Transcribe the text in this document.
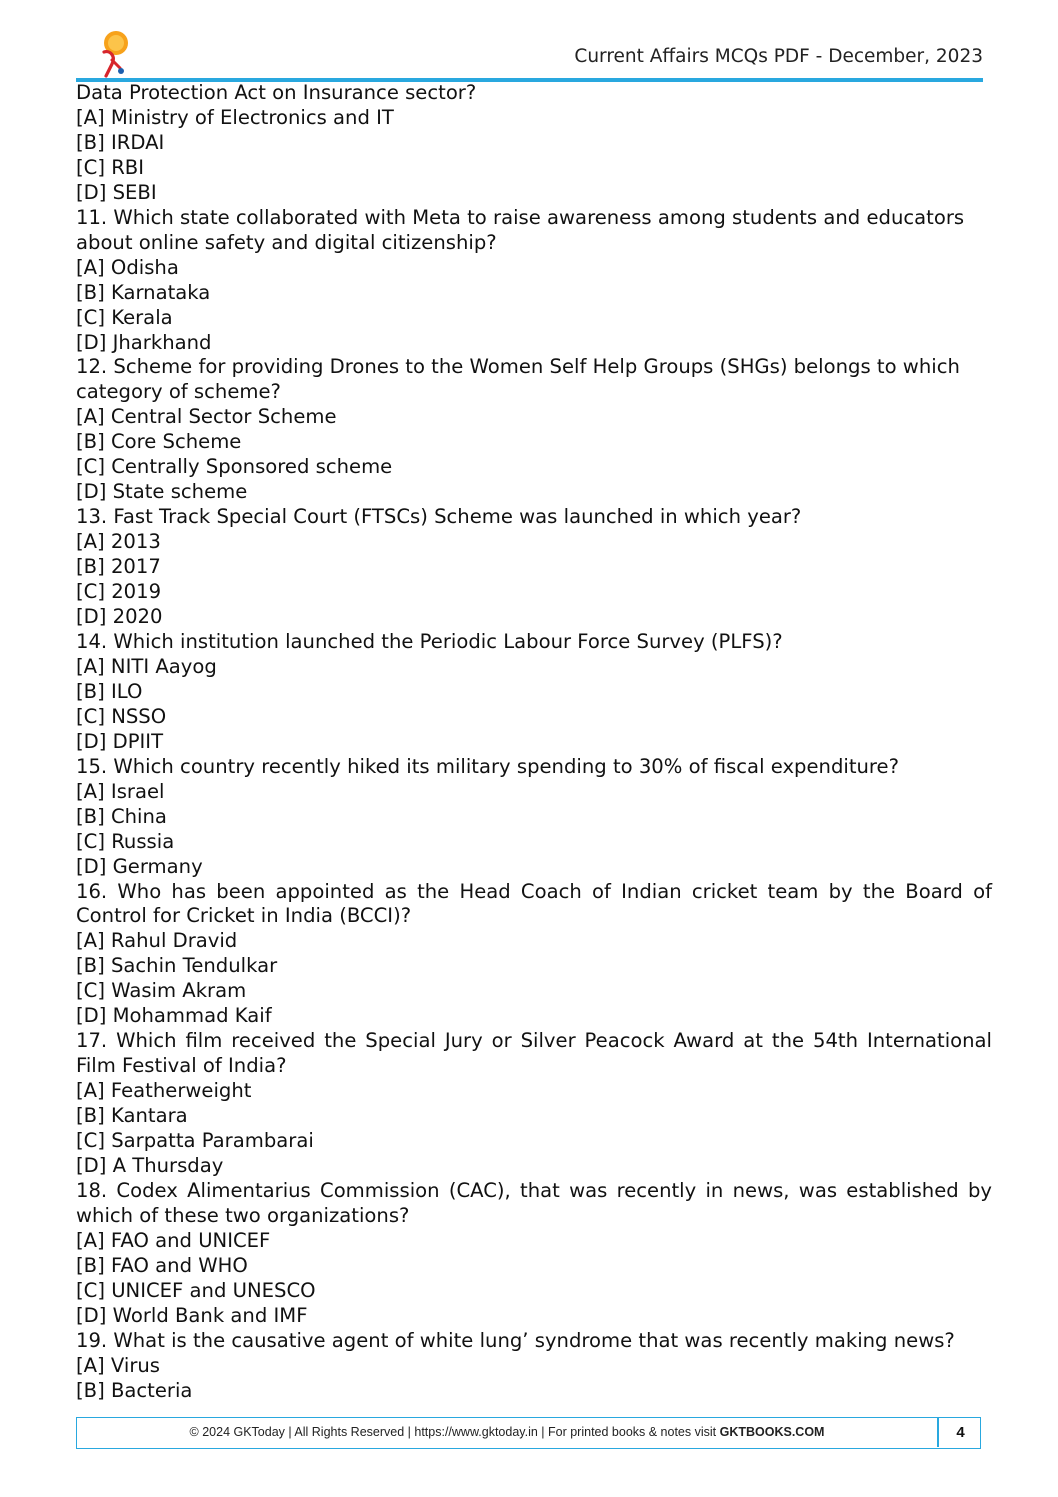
Current Affairs MCQs PDF - December, 2023
Data Protection Act on Insurance sector?
[A] Ministry of Electronics and IT
[B] IRDAI
[C] RBI
[D] SEBI
11. Which state collaborated with Meta to raise awareness among students and educators about online safety and digital citizenship?
[A] Odisha
[B] Karnataka
[C] Kerala
[D] Jharkhand
12. Scheme for providing Drones to the Women Self Help Groups (SHGs) belongs to which category of scheme?
[A] Central Sector Scheme
[B] Core Scheme
[C] Centrally Sponsored scheme
[D] State scheme
13. Fast Track Special Court (FTSCs) Scheme was launched in which year?
[A] 2013
[B] 2017
[C] 2019
[D] 2020
14. Which institution launched the Periodic Labour Force Survey (PLFS)?
[A] NITI Aayog
[B] ILO
[C] NSSO
[D] DPIIT
15. Which country recently hiked its military spending to 30% of fiscal expenditure?
[A] Israel
[B] China
[C] Russia
[D] Germany
16. Who has been appointed as the Head Coach of Indian cricket team by the Board of Control for Cricket in India (BCCI)?
[A] Rahul Dravid
[B] Sachin Tendulkar
[C] Wasim Akram
[D] Mohammad Kaif
17. Which film received the Special Jury or Silver Peacock Award at the 54th International Film Festival of India?
[A] Featherweight
[B] Kantara
[C] Sarpatta Parambarai
[D] A Thursday
18. Codex Alimentarius Commission (CAC), that was recently in news, was established by which of these two organizations?
[A] FAO and UNICEF
[B] FAO and WHO
[C] UNICEF and UNESCO
[D] World Bank and IMF
19. What is the causative agent of white lung’ syndrome that was recently making news?
[A] Virus
[B] Bacteria
© 2024 GKToday | All Rights Reserved | https://www.gktoday.in | For printed books & notes visit GKTBOOKS.COM	4
